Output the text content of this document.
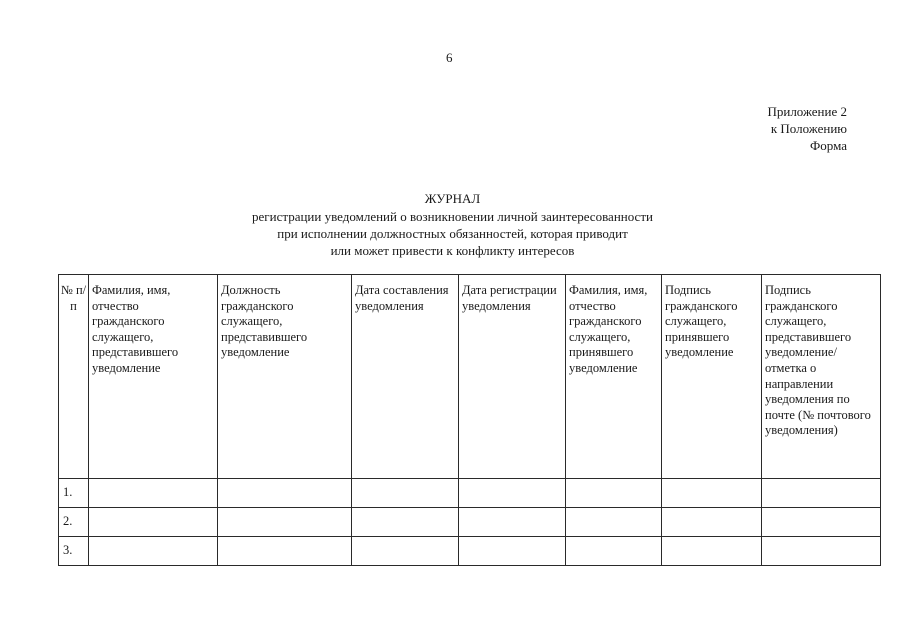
6
Приложение 2
к Положению
Форма
ЖУРНАЛ
регистрации уведомлений о возникновении личной заинтересованности
при исполнении должностных обязанностей, которая приводит
или может привести к конфликту интересов
№ п/п	Фамилия, имя, отчество гражданского служащего, представившего уведомление	Должность гражданского служащего, представившего уведомление	Дата составления уведомления	Дата регистрации уведомления	Фамилия, имя, отчество гражданского служащего, принявшего уведомление	Подпись гражданского служащего, принявшего уведомление	Подпись гражданского служащего, представившего уведомление/ отметка о направлении уведомления по почте (№ почтового уведомления)
1.							
2.							
3.							
